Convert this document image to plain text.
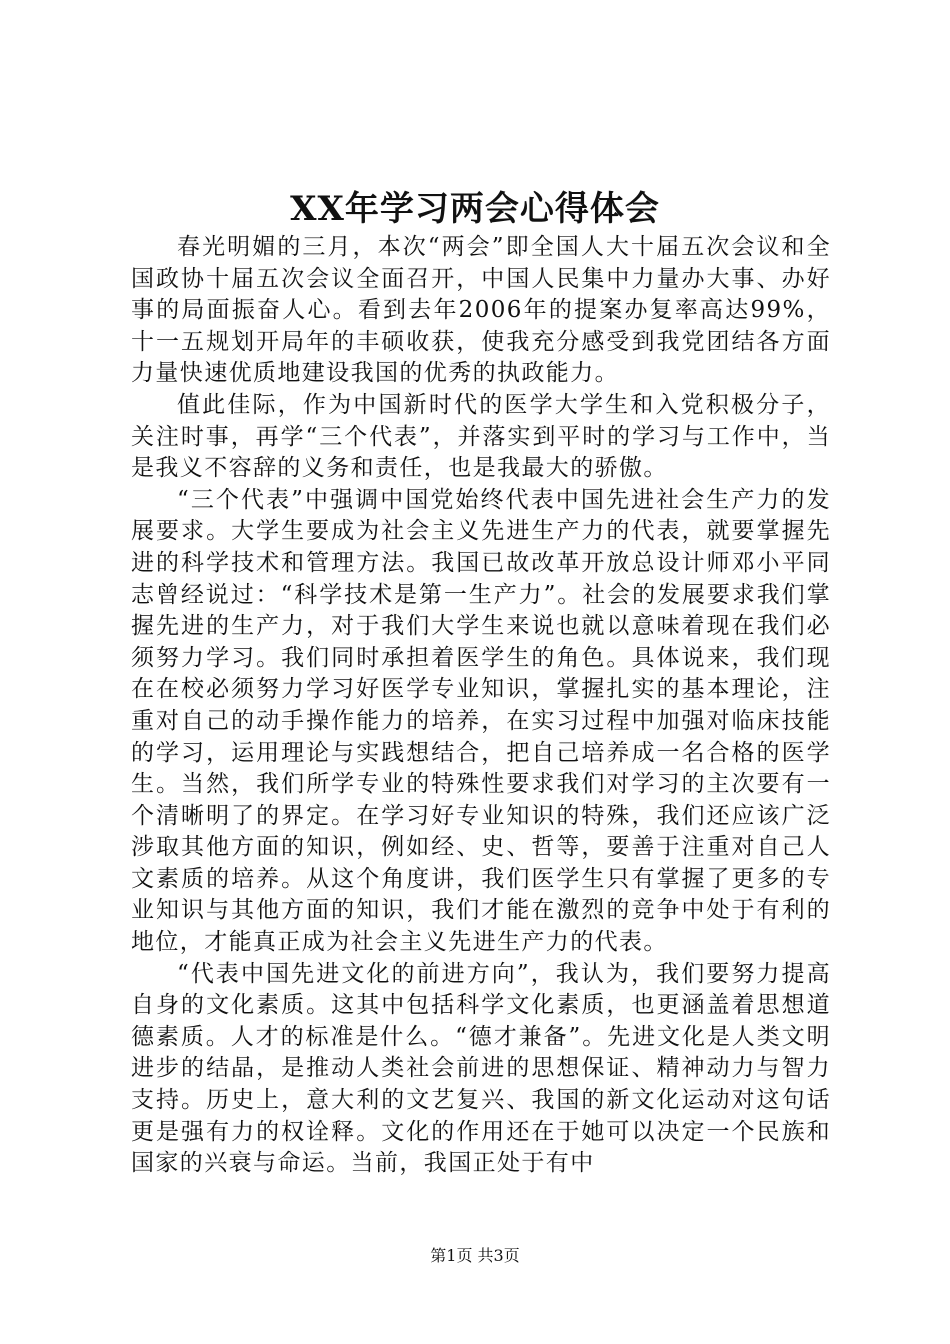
XX年学习两会心得体会

春光明媚的三月，本次“两会”即全国人大十届五次会议和全国政协十届五次会议全面召开，中国人民集中力量办大事、办好事的局面振奋人心。看到去年2006年的提案办复率高达99%，十一五规划开局年的丰硕收获，使我充分感受到我党团结各方面力量快速优质地建设我国的优秀的执政能力。

值此佳际，作为中国新时代的医学大学生和入党积极分子，关注时事，再学“三个代表”，并落实到平时的学习与工作中，当是我义不容辞的义务和责任，也是我最大的骄傲。

“三个代表”中强调中国党始终代表中国先进社会生产力的发展要求。大学生要成为社会主义先进生产力的代表，就要掌握先进的科学技术和管理方法。我国已故改革开放总设计师邓小平同志曾经说过：“科学技术是第一生产力”。社会的发展要求我们掌握先进的生产力，对于我们大学生来说也就以意味着现在我们必须努力学习。我们同时承担着医学生的角色。具体说来，我们现在在校必须努力学习好医学专业知识，掌握扎实的基本理论，注重对自己的动手操作能力的培养，在实习过程中加强对临床技能的学习，运用理论与实践想结合，把自己培养成一名合格的医学生。当然，我们所学专业的特殊性要求我们对学习的主次要有一个清晰明了的界定。在学习好专业知识的特殊，我们还应该广泛涉取其他方面的知识，例如经、史、哲等，要善于注重对自己人文素质的培养。从这个角度讲，我们医学生只有掌握了更多的专业知识与其他方面的知识，我们才能在激烈的竞争中处于有利的地位，才能真正成为社会主义先进生产力的代表。

“代表中国先进文化的前进方向”，我认为，我们要努力提高自身的文化素质。这其中包括科学文化素质，也更涵盖着思想道德素质。人才的标准是什么。“德才兼备”。先进文化是人类文明进步的结晶，是推动人类社会前进的思想保证、精神动力与智力支持。历史上，意大利的文艺复兴、我国的新文化运动对这句话更是强有力的权诠释。文化的作用还在于她可以决定一个民族和国家的兴衰与命运。当前，我国正处于有中

第1页 共3页
